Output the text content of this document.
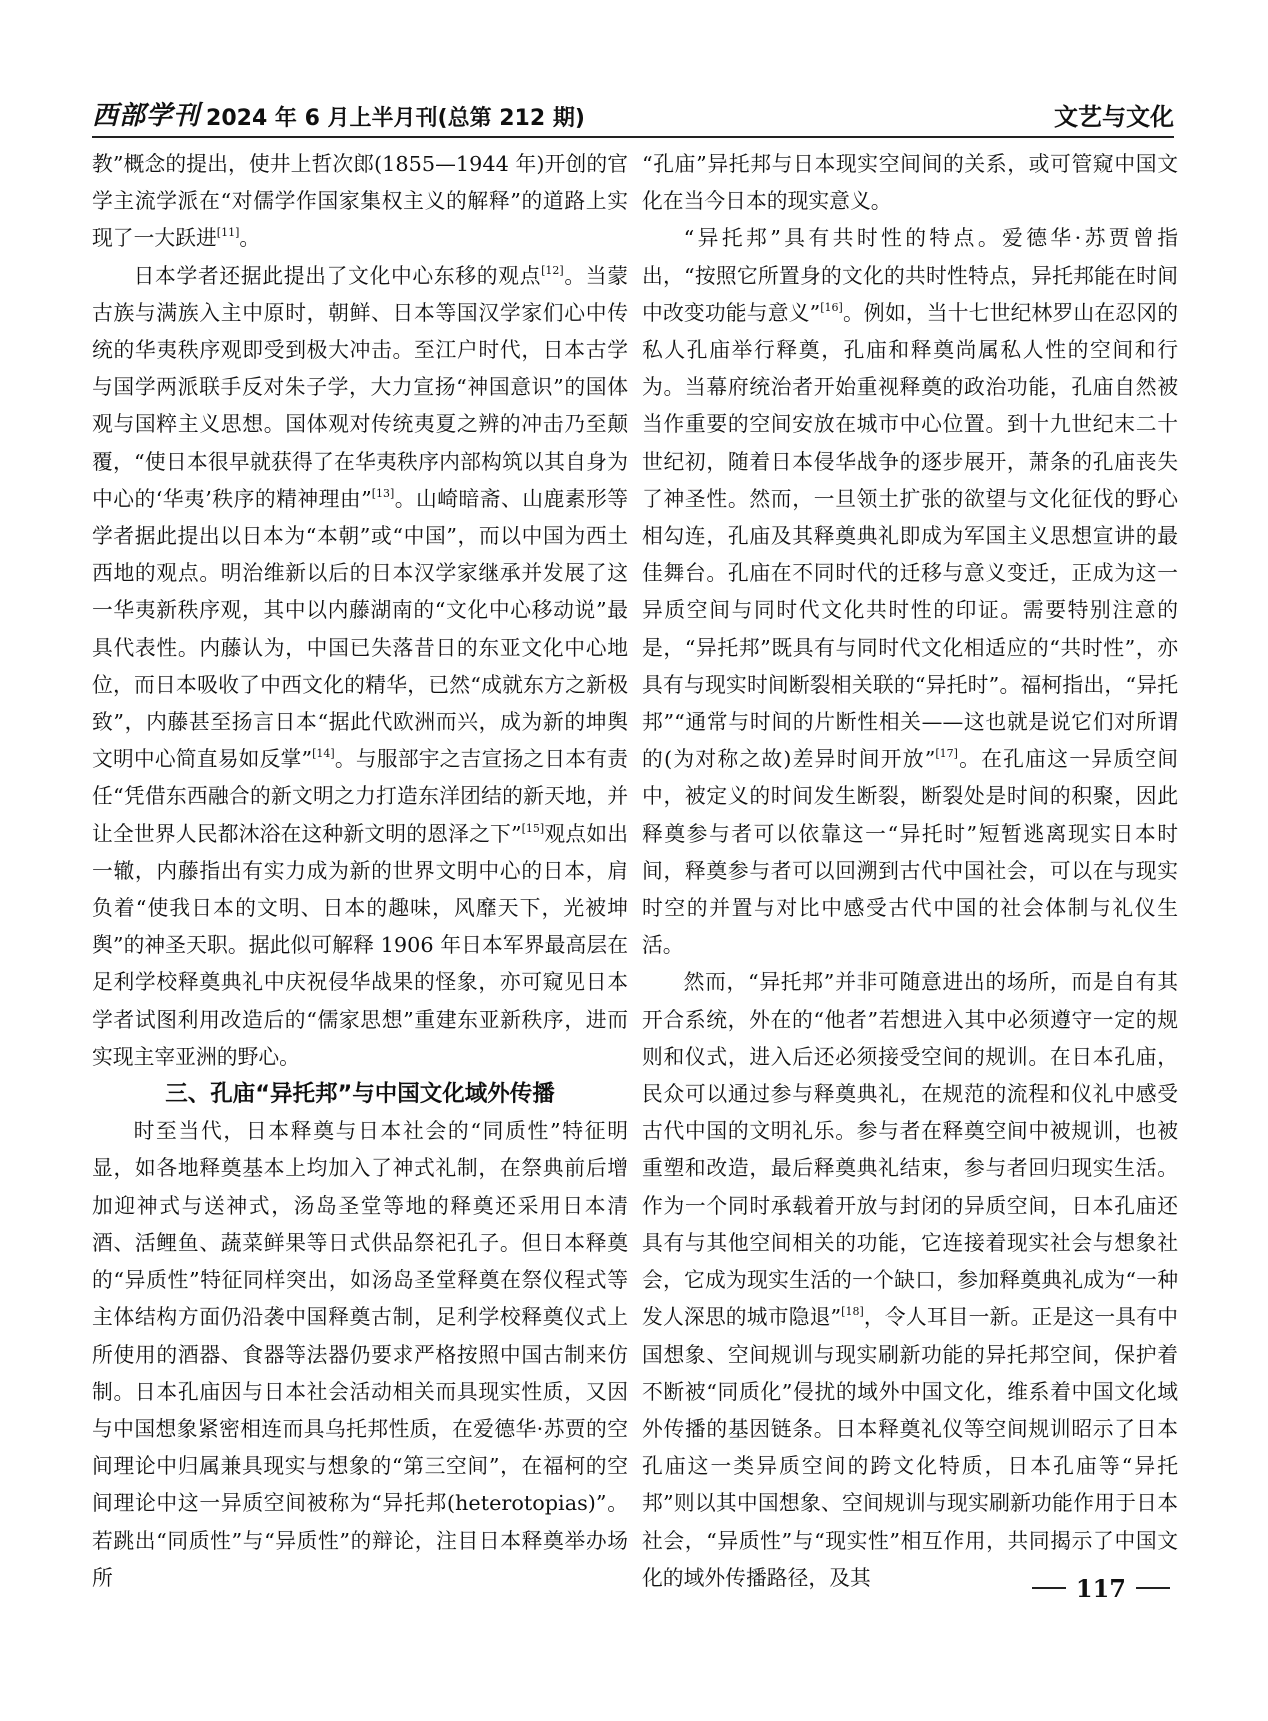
西部学刊 2024 年 6 月上半月刊(总第 212 期)	文艺与文化

教”概念的提出，使井上哲次郎(1855—1944 年)开创的官学主流学派在“对儒学作国家集权主义的解释”的道路上实现了一大跃进[11]。

日本学者还据此提出了文化中心东移的观点[12]。当蒙古族与满族入主中原时，朝鲜、日本等国汉学家们心中传统的华夷秩序观即受到极大冲击。至江户时代，日本古学与国学两派联手反对朱子学，大力宣扬“神国意识”的国体观与国粹主义思想。国体观对传统夷夏之辨的冲击乃至颠覆，“使日本很早就获得了在华夷秩序内部构筑以其自身为中心的‘华夷’秩序的精神理由”[13]。山崎暗斋、山鹿素形等学者据此提出以日本为“本朝”或“中国”，而以中国为西土西地的观点。明治维新以后的日本汉学家继承并发展了这一华夷新秩序观，其中以内藤湖南的“文化中心移动说”最具代表性。内藤认为，中国已失落昔日的东亚文化中心地位，而日本吸收了中西文化的精华，已然“成就东方之新极致”，内藤甚至扬言日本“据此代欧洲而兴，成为新的坤舆文明中心简直易如反掌”[14]。与服部宇之吉宣扬之日本有责任“凭借东西融合的新文明之力打造东洋团结的新天地，并让全世界人民都沐浴在这种新文明的恩泽之下”[15]观点如出一辙，内藤指出有实力成为新的世界文明中心的日本，肩负着“使我日本的文明、日本的趣味，风靡天下，光被坤舆”的神圣天职。据此似可解释 1906 年日本军界最高层在足利学校释奠典礼中庆祝侵华战果的怪象，亦可窥见日本学者试图利用改造后的“儒家思想”重建东亚新秩序，进而实现主宰亚洲的野心。

三、孔庙“异托邦”与中国文化域外传播

时至当代，日本释奠与日本社会的“同质性”特征明显，如各地释奠基本上均加入了神式礼制，在祭典前后增加迎神式与送神式，汤岛圣堂等地的释奠还采用日本清酒、活鲤鱼、蔬菜鲜果等日式供品祭祀孔子。但日本释奠的“异质性”特征同样突出，如汤岛圣堂释奠在祭仪程式等主体结构方面仍沿袭中国释奠古制，足利学校释奠仪式上所使用的酒器、食器等法器仍要求严格按照中国古制来仿制。日本孔庙因与日本社会活动相关而具现实性质，又因与中国想象紧密相连而具乌托邦性质，在爱德华·苏贾的空间理论中归属兼具现实与想象的“第三空间”，在福柯的空间理论中这一异质空间被称为“异托邦(heterotopias)”。若跳出“同质性”与“异质性”的辩论，注目日本释奠举办场所

“孔庙”异托邦与日本现实空间间的关系，或可管窥中国文化在当今日本的现实意义。

“异托邦”具有共时性的特点。爱德华·苏贾曾指出，“按照它所置身的文化的共时性特点，异托邦能在时间中改变功能与意义”[16]。例如，当十七世纪林罗山在忍冈的私人孔庙举行释奠，孔庙和释奠尚属私人性的空间和行为。当幕府统治者开始重视释奠的政治功能，孔庙自然被当作重要的空间安放在城市中心位置。到十九世纪末二十世纪初，随着日本侵华战争的逐步展开，萧条的孔庙丧失了神圣性。然而，一旦领土扩张的欲望与文化征伐的野心相勾连，孔庙及其释奠典礼即成为军国主义思想宣讲的最佳舞台。孔庙在不同时代的迁移与意义变迁，正成为这一异质空间与同时代文化共时性的印证。需要特别注意的是，“异托邦”既具有与同时代文化相适应的“共时性”，亦具有与现实时间断裂相关联的“异托时”。福柯指出，“异托邦”“通常与时间的片断性相关——这也就是说它们对所谓的(为对称之故)差异时间开放”[17]。在孔庙这一异质空间中，被定义的时间发生断裂，断裂处是时间的积聚，因此释奠参与者可以依靠这一“异托时”短暂逃离现实日本时间，释奠参与者可以回溯到古代中国社会，可以在与现实时空的并置与对比中感受古代中国的社会体制与礼仪生活。

然而，“异托邦”并非可随意进出的场所，而是自有其开合系统，外在的“他者”若想进入其中必须遵守一定的规则和仪式，进入后还必须接受空间的规训。在日本孔庙，民众可以通过参与释奠典礼，在规范的流程和仪礼中感受古代中国的文明礼乐。参与者在释奠空间中被规训，也被重塑和改造，最后释奠典礼结束，参与者回归现实生活。作为一个同时承载着开放与封闭的异质空间，日本孔庙还具有与其他空间相关的功能，它连接着现实社会与想象社会，它成为现实生活的一个缺口，参加释奠典礼成为“一种发人深思的城市隐退”[18]，令人耳目一新。正是这一具有中国想象、空间规训与现实刷新功能的异托邦空间，保护着不断被“同质化”侵扰的域外中国文化，维系着中国文化域外传播的基因链条。日本释奠礼仪等空间规训昭示了日本孔庙这一类异质空间的跨文化特质，日本孔庙等“异托邦”则以其中国想象、空间规训与现实刷新功能作用于日本社会，“异质性”与“现实性”相互作用，共同揭示了中国文化的域外传播路径，及其	117
